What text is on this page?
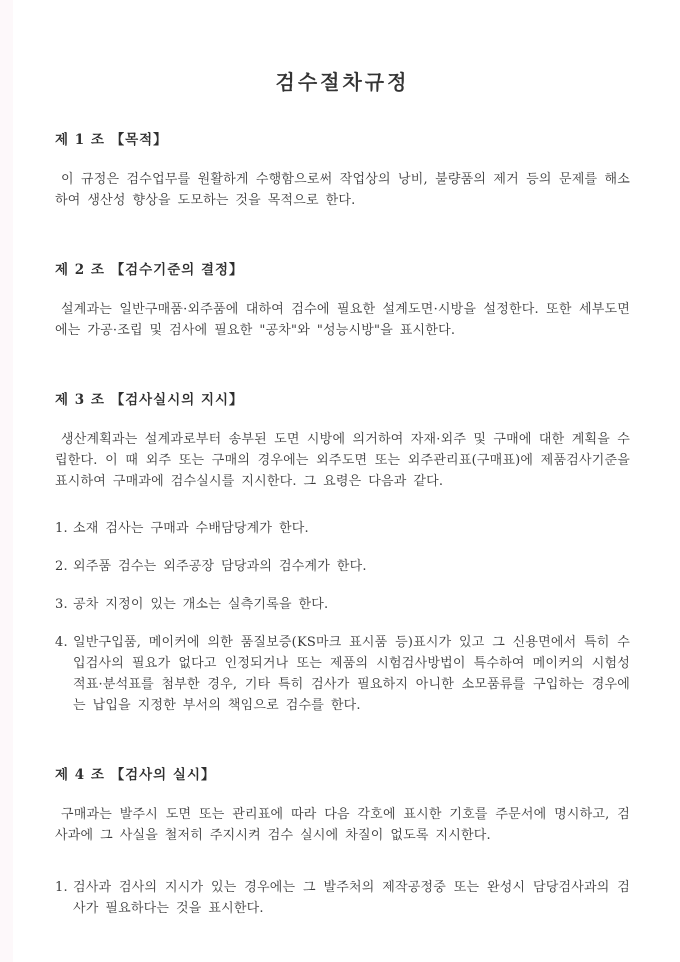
검수절차규정
제 1 조 【목적】

이 규정은 검수업무를 원활하게 수행함으로써 작업상의 낭비, 불량품의 제거 등의 문제를 해소하여 생산성 향상을 도모하는 것을 목적으로 한다.

제 2 조 【검수기준의 결정】

설계과는 일반구매품·외주품에 대하여 검수에 필요한 설계도면·시방을 설정한다. 또한 세부도면에는 가공·조립 및 검사에 필요한 "공차"와 "성능시방"을 표시한다.

제 3 조 【검사실시의 지시】

생산계획과는 설계과로부터 송부된 도면 시방에 의거하여 자재·외주 및 구매에 대한 계획을 수립한다. 이 때 외주 또는 구매의 경우에는 외주도면 또는 외주관리표(구매표)에 제품검사기준을 표시하여 구매과에 검수실시를 지시한다. 그 요령은 다음과 같다.

1. 소재 검사는 구매과 수배담당계가 한다.
2. 외주품 검수는 외주공장 담당과의 검수계가 한다.
3. 공차 지정이 있는 개소는 실측기록을 한다.
4. 일반구입품, 메이커에 의한 품질보증(KS마크 표시품 등)표시가 있고 그 신용면에서 특히 수입검사의 필요가 없다고 인정되거나 또는 제품의 시험검사방법이 특수하여 메이커의 시험성적표·분석표를 첨부한 경우, 기타 특히 검사가 필요하지 아니한 소모품류를 구입하는 경우에는 납입을 지정한 부서의 책임으로 검수를 한다.
제 4 조 【검사의 실시】

구매과는 발주시 도면 또는 관리표에 따라 다음 각호에 표시한 기호를 주문서에 명시하고, 검사과에 그 사실을 철저히 주지시켜 검수 실시에 차질이 없도록 지시한다.

1. 검사과 검사의 지시가 있는 경우에는 그 발주처의 제작공정중 또는 완성시 담당검사과의 검사가 필요하다는 것을 표시한다.
